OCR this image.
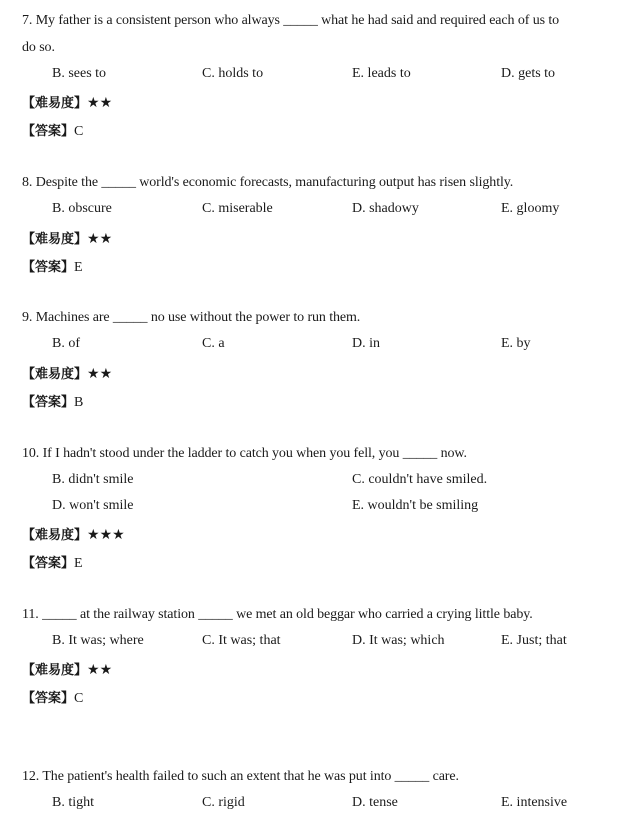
7. My father is a consistent person who always _____ what he had said and required each of us to
do so.
B. sees to	C. holds to	E. leads to	D. gets to
【难易度】★★
【答案】C
8. Despite the _____ world's economic forecasts, manufacturing output has risen slightly.
B. obscure	C. miserable	D. shadowy	E. gloomy
【难易度】★★
【答案】E
9. Machines are _____ no use without the power to run them.
B. of	C. a	D. in	E. by
【难易度】★★
【答案】B
10. If I hadn't stood under the ladder to catch you when you fell, you _____ now.
B. didn't smile	C. couldn't have smiled.
D. won't smile	E. wouldn't be smiling
【难易度】★★★
【答案】E
11. _____ at the railway station _____ we met an old beggar who carried a crying little baby.
B. It was; where	C. It was; that	D. It was; which	E. Just; that
【难易度】★★
【答案】C
12. The patient's health failed to such an extent that he was put into _____ care.
B. tight	C. rigid	D. tense	E. intensive
